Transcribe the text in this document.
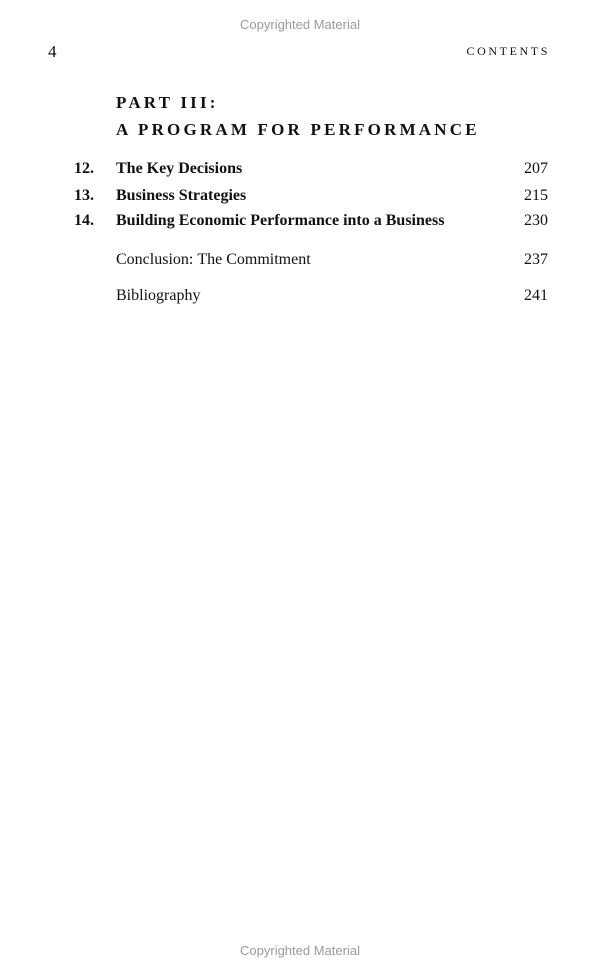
Copyrighted Material
4	CONTENTS
PART III:
A PROGRAM FOR PERFORMANCE
12. The Key Decisions	207
13. Business Strategies	215
14. Building Economic Performance into a Business	230
Conclusion: The Commitment	237
Bibliography	241
Copyrighted Material
